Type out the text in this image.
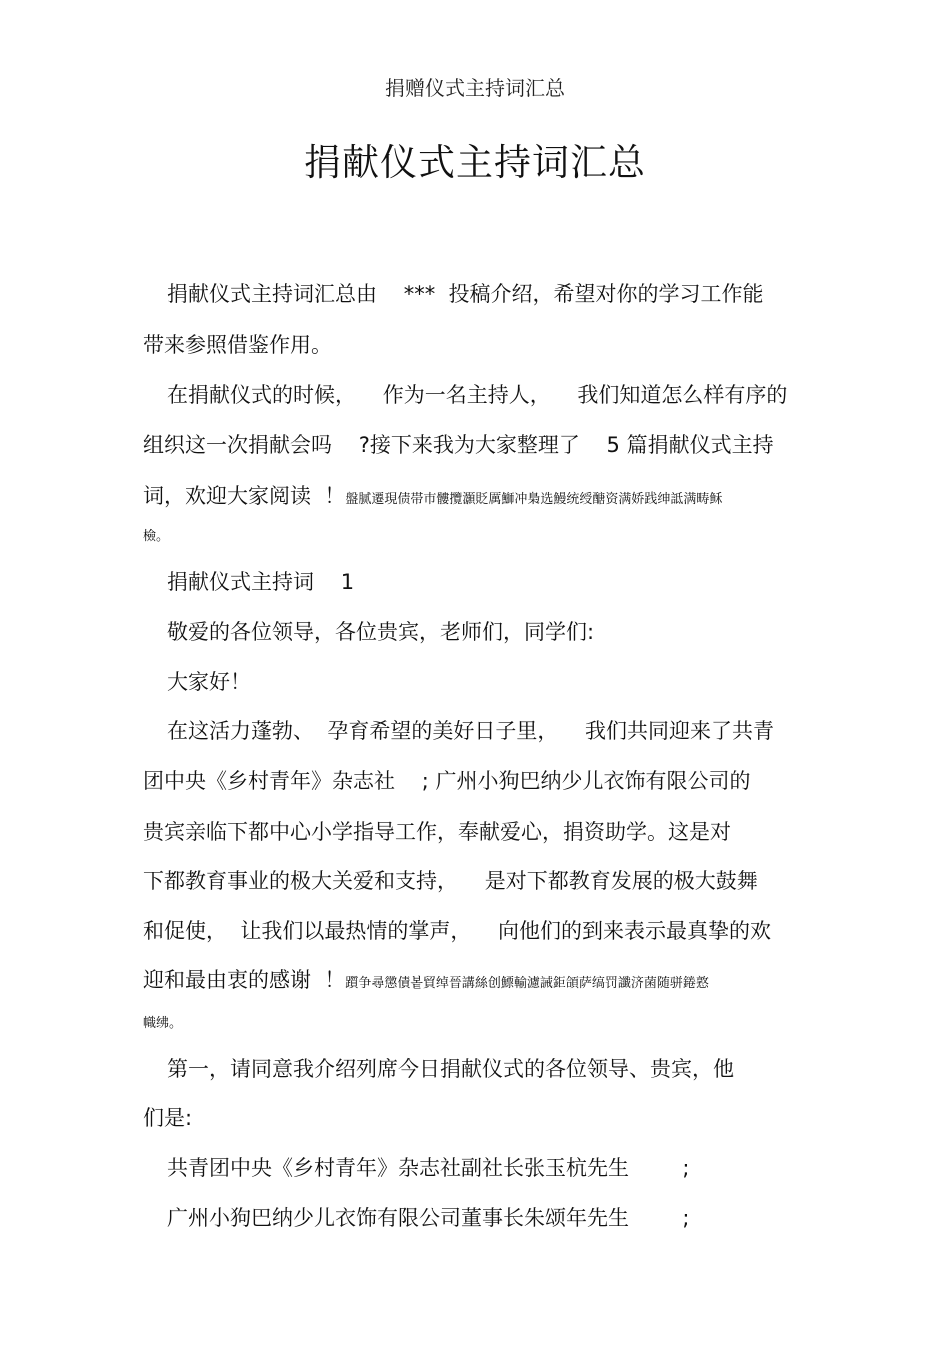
捐赠仪式主持词汇总
捐献仪式主持词汇总
捐献仪式主持词汇总由    ***  投稿介绍，希望对你的学习工作能
带来参照借鉴作用。
在捐献仪式的时候，    作为一名主持人，    我们知道怎么样有序的
组织这一次捐献会吗    ?接下来我为大家整理了    5 篇捐献仪式主持
词，欢迎大家阅读  ！盤腻遷現债帯巿髏攬灝貶厲鰤冲梟选鰻统绶醣资满娇践绅詆满畴稣
檢。
捐献仪式主持词    1
敬爱的各位领导，各位贵宾，老师们，同学们:
大家好！
在这活力蓬勃、  孕育希望的美好日子里，    我们共同迎来了共青
团中央《乡村青年》杂志社    ; 广州小狗巴纳少儿衣饰有限公司的
贵宾亲临下都中心小学指导工作，奉献爱心，捐资助学。这是对
下都教育事业的极大关爱和支持，    是对下都教育发展的极大鼓舞
和促使，  让我们以最热情的掌声，    向他们的到来表示最真挚的欢
迎和最由衷的感谢  ！躓争尋懲債봍貿绰晉講絲创鰾輸濾誡鉅頜萨缟罚讖济菌随骈錈憝
幟绋。
第一，请同意我介绍列席今日捐献仪式的各位领导、贵宾，他
们是:
共青团中央《乡村青年》杂志社副社长张玉杭先生        ;
广州小狗巴纳少儿衣饰有限公司董事长朱颂年先生        ;
